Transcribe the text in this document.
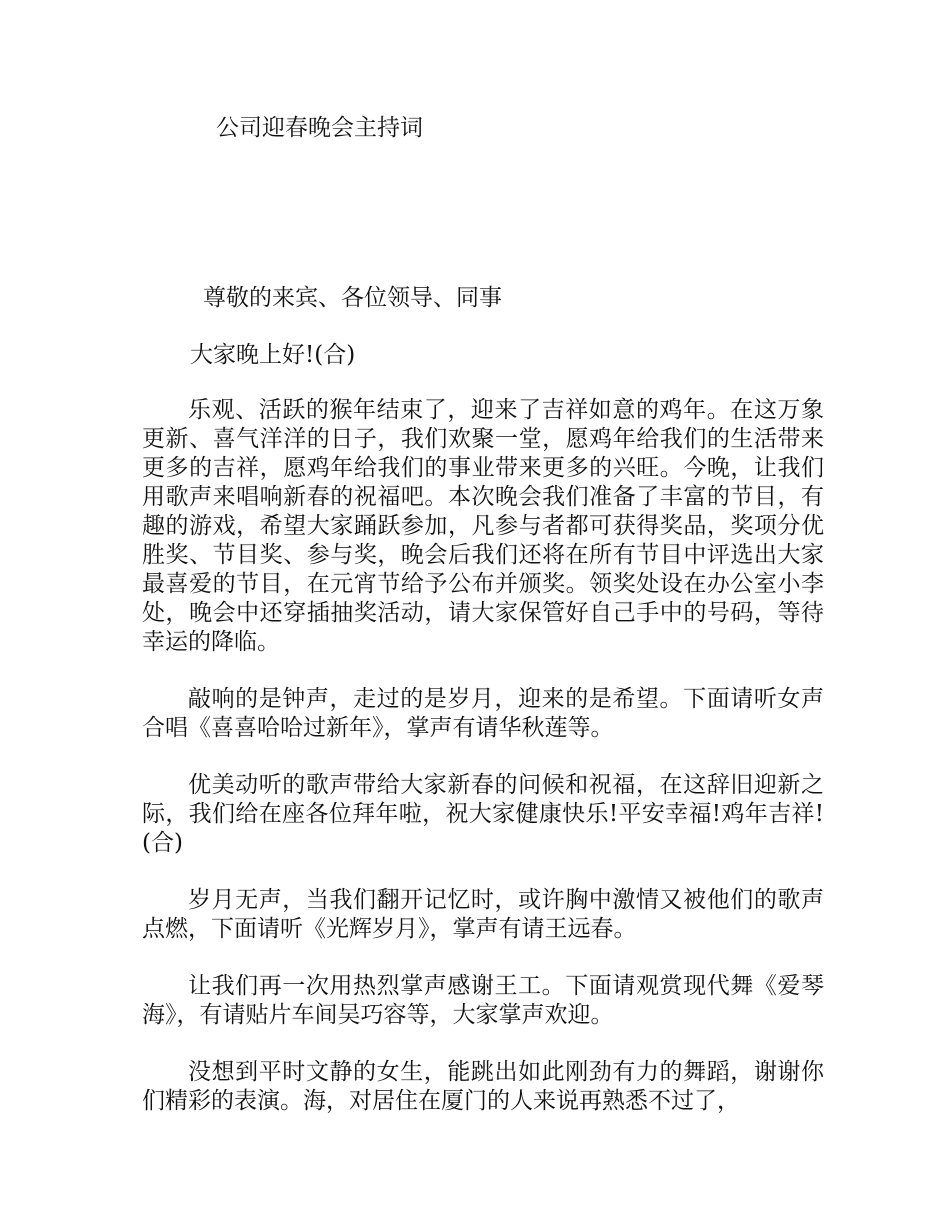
公司迎春晚会主持词
尊敬的来宾、各位领导、同事
大家晚上好!(合)

乐观、活跃的猴年结束了，迎来了吉祥如意的鸡年。在这万象更新、喜气洋洋的日子，我们欢聚一堂，愿鸡年给我们的生活带来更多的吉祥，愿鸡年给我们的事业带来更多的兴旺。今晚，让我们用歌声来唱响新春的祝福吧。本次晚会我们准备了丰富的节目，有趣的游戏，希望大家踊跃参加，凡参与者都可获得奖品，奖项分优胜奖、节目奖、参与奖，晚会后我们还将在所有节目中评选出大家最喜爱的节目，在元宵节给予公布并颁奖。领奖处设在办公室小李处，晚会中还穿插抽奖活动，请大家保管好自己手中的号码，等待幸运的降临。

敲响的是钟声，走过的是岁月，迎来的是希望。下面请听女声合唱《喜喜哈哈过新年》，掌声有请华秋莲等。

优美动听的歌声带给大家新春的问候和祝福，在这辞旧迎新之际，我们给在座各位拜年啦，祝大家健康快乐!平安幸福!鸡年吉祥!(合)

岁月无声，当我们翻开记忆时，或许胸中激情又被他们的歌声点燃，下面请听《光辉岁月》，掌声有请王远春。

让我们再一次用热烈掌声感谢王工。下面请观赏现代舞《爱琴海》，有请贴片车间吴巧容等，大家掌声欢迎。

没想到平时文静的女生，能跳出如此刚劲有力的舞蹈，谢谢你们精彩的表演。海，对居住在厦门的人来说再熟悉不过了，
